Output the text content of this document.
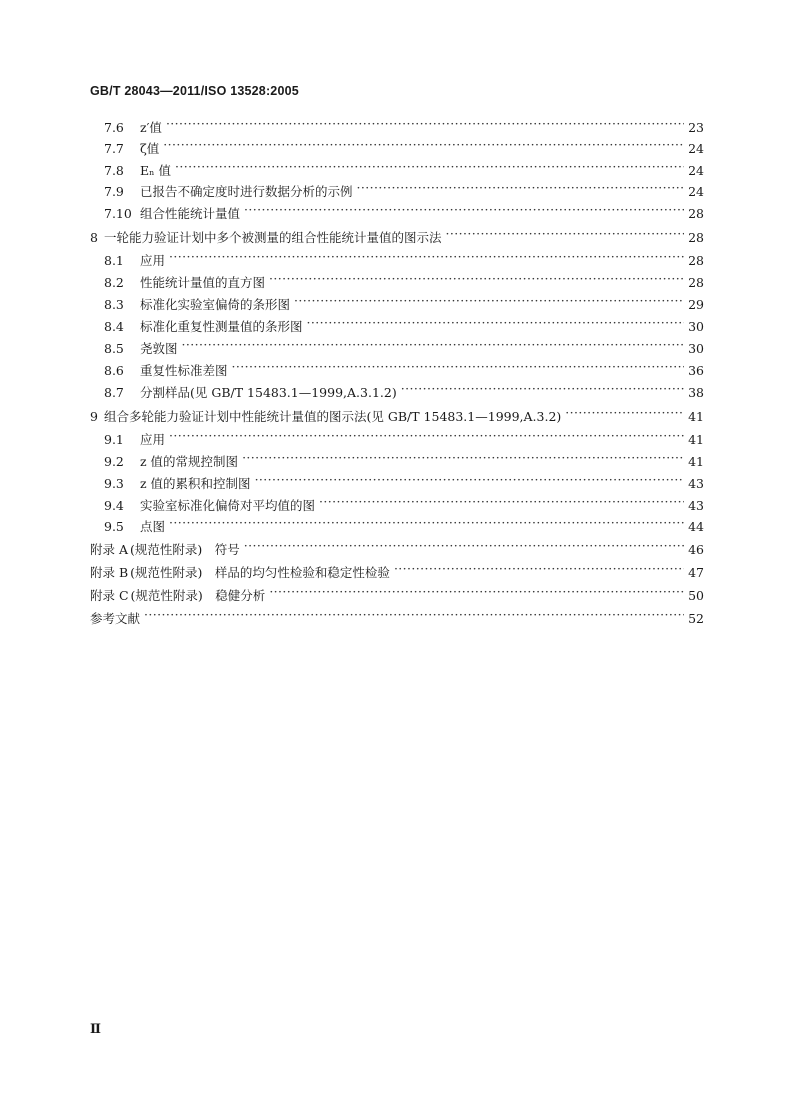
GB/T 28043—2011/ISO 13528:2005
7.6	z′值 ·····	23
7.7	ζ值 ·····	24
7.8	Eₙ 值 ·····	24
7.9	已报告不确定度时进行数据分析的示例 ·····	24
7.10 组合性能统计量值 ·····	28
8 一轮能力验证计划中多个被测量的组合性能统计量值的图示法 ·····	28
8.1	应用 ·····	28
8.2	性能统计量值的直方图 ·····	28
8.3	标准化实验室偏倚的条形图 ·····	29
8.4	标准化重复性测量值的条形图 ·····	30
8.5	尧敦图 ·····	30
8.6	重复性标准差图 ·····	36
8.7	分割样品(见 GB/T 15483.1—1999,A.3.1.2) ·····	38
9 组合多轮能力验证计划中性能统计量值的图示法(见 GB/T 15483.1—1999,A.3.2) ·····	41
9.1	应用 ·····	41
9.2	z 值的常规控制图 ·····	41
9.3	z 值的累积和控制图 ·····	43
9.4	实验室标准化偏倚对平均值的图 ·····	43
9.5	点图 ·····	44
附录 A (规范性附录)　符号 ·····	46
附录 B (规范性附录)　样品的均匀性检验和稳定性检验 ·····	47
附录 C (规范性附录)　稳健分析 ·····	50
参考文献 ·····	52
Ⅱ
